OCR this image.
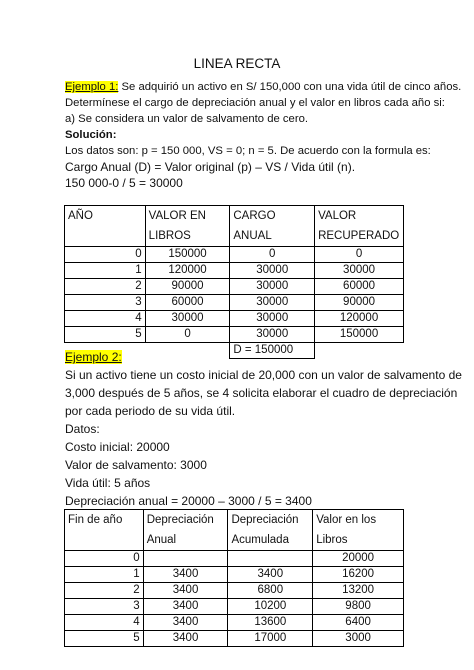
LINEA RECTA
Ejemplo 1: Se adquirió un activo en S/ 150,000 con una vida útil de cinco años.
Determínese el cargo de depreciación anual y el valor en libros cada año si:
a) Se considera un valor de salvamento de cero.
Solución:
Los datos son: p = 150 000, VS = 0; n = 5. De acuerdo con la formula es:
Cargo Anual (D) = Valor original (p) – VS / Vida útil (n).
150 000-0 / 5 = 30000
AÑO	VALOR EN LIBROS	CARGO ANUAL	VALOR RECUPERADO
0	150000	0	0
1	120000	30000	30000
2	90000	30000	60000
3	60000	30000	90000
4	30000	30000	120000
5	0	30000	150000
		D = 150000	
Ejemplo 2:
Si un activo tiene un costo inicial de 20,000 con un valor de salvamento de
3,000 después de 5 años, se 4 solicita elaborar el cuadro de depreciación
por cada periodo de su vida útil.
Datos:
Costo inicial: 20000
Valor de salvamento: 3000
Vida útil: 5 años
Depreciación anual = 20000 – 3000 / 5 = 3400
Fin de año	Depreciación Anual	Depreciación Acumulada	Valor en los Libros
0			20000
1	3400	3400	16200
2	3400	6800	13200
3	3400	10200	9800
4	3400	13600	6400
5	3400	17000	3000
